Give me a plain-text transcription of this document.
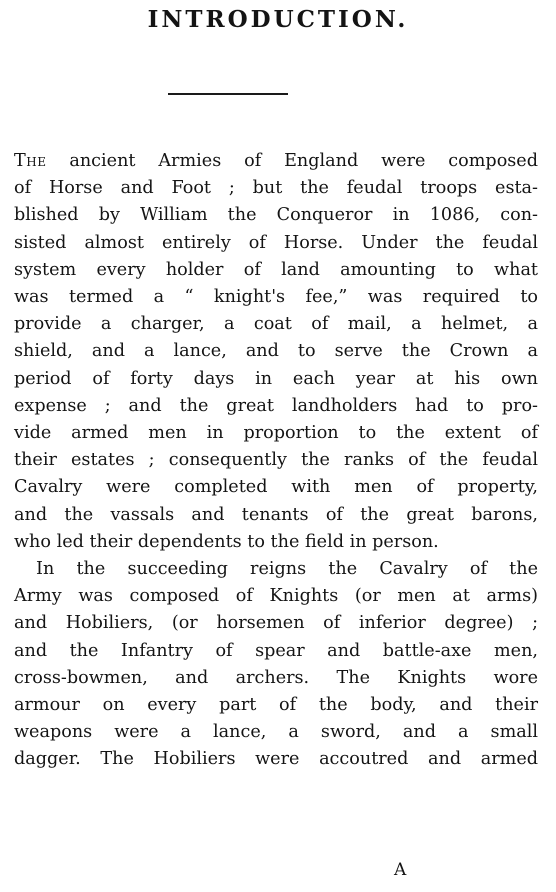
INTRODUCTION.
The ancient Armies of England were composed
of Horse and Foot ; but the feudal troops esta-
blished by William the Conqueror in 1086, con-
sisted almost entirely of Horse. Under the feudal
system every holder of land amounting to what
was termed a “ knight's fee,” was required to
provide a charger, a coat of mail, a helmet, a
shield, and a lance, and to serve the Crown a
period of forty days in each year at his own
expense ; and the great landholders had to pro-
vide armed men in proportion to the extent of
their estates ; consequently the ranks of the feudal
Cavalry were completed with men of property,
and the vassals and tenants of the great barons,
who led their dependents to the field in person.
In the succeeding reigns the Cavalry of the
Army was composed of Knights (or men at arms)
and Hobiliers, (or horsemen of inferior degree) ;
and the Infantry of spear and battle-axe men,
cross-bowmen, and archers. The Knights wore
armour on every part of the body, and their
weapons were a lance, a sword, and a small
dagger. The Hobiliers were accoutred and armed
A
